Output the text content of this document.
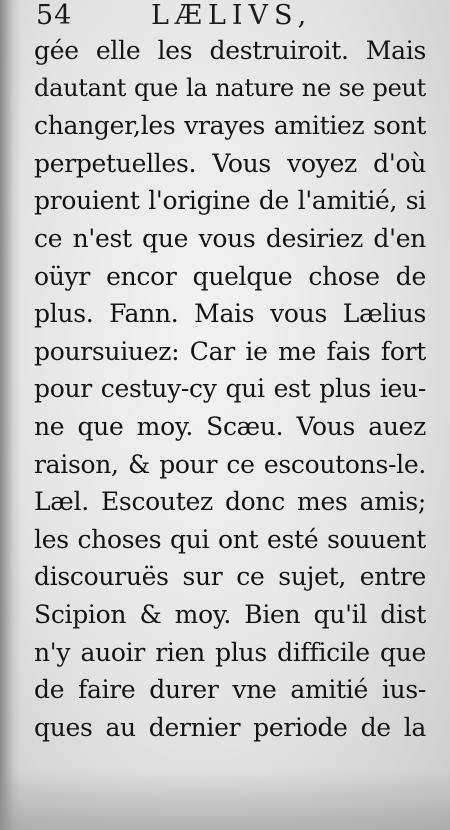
54	LÆLIVS,
gée elle les destruiroit. Mais
dautant que la nature ne se peut
changer,les vrayes amitiez sont
perpetuelles. Vous voyez d'où
prouient l'origine de l'amitié, si
ce n'est que vous desiriez d'en
oüyr encor quelque chose de
plus. Fann. Mais vous Lælius
poursuiuez: Car ie me fais fort
pour cestuy-cy qui est plus ieu-
ne que moy. Scæu. Vous auez
raison, & pour ce escoutons-le.
Læl. Escoutez donc mes amis;
les choses qui ont esté souuent
discouruës sur ce sujet, entre
Scipion & moy. Bien qu'il dist
n'y auoir rien plus difficile que
de faire durer vne amitié ius-
ques au dernier periode de la
